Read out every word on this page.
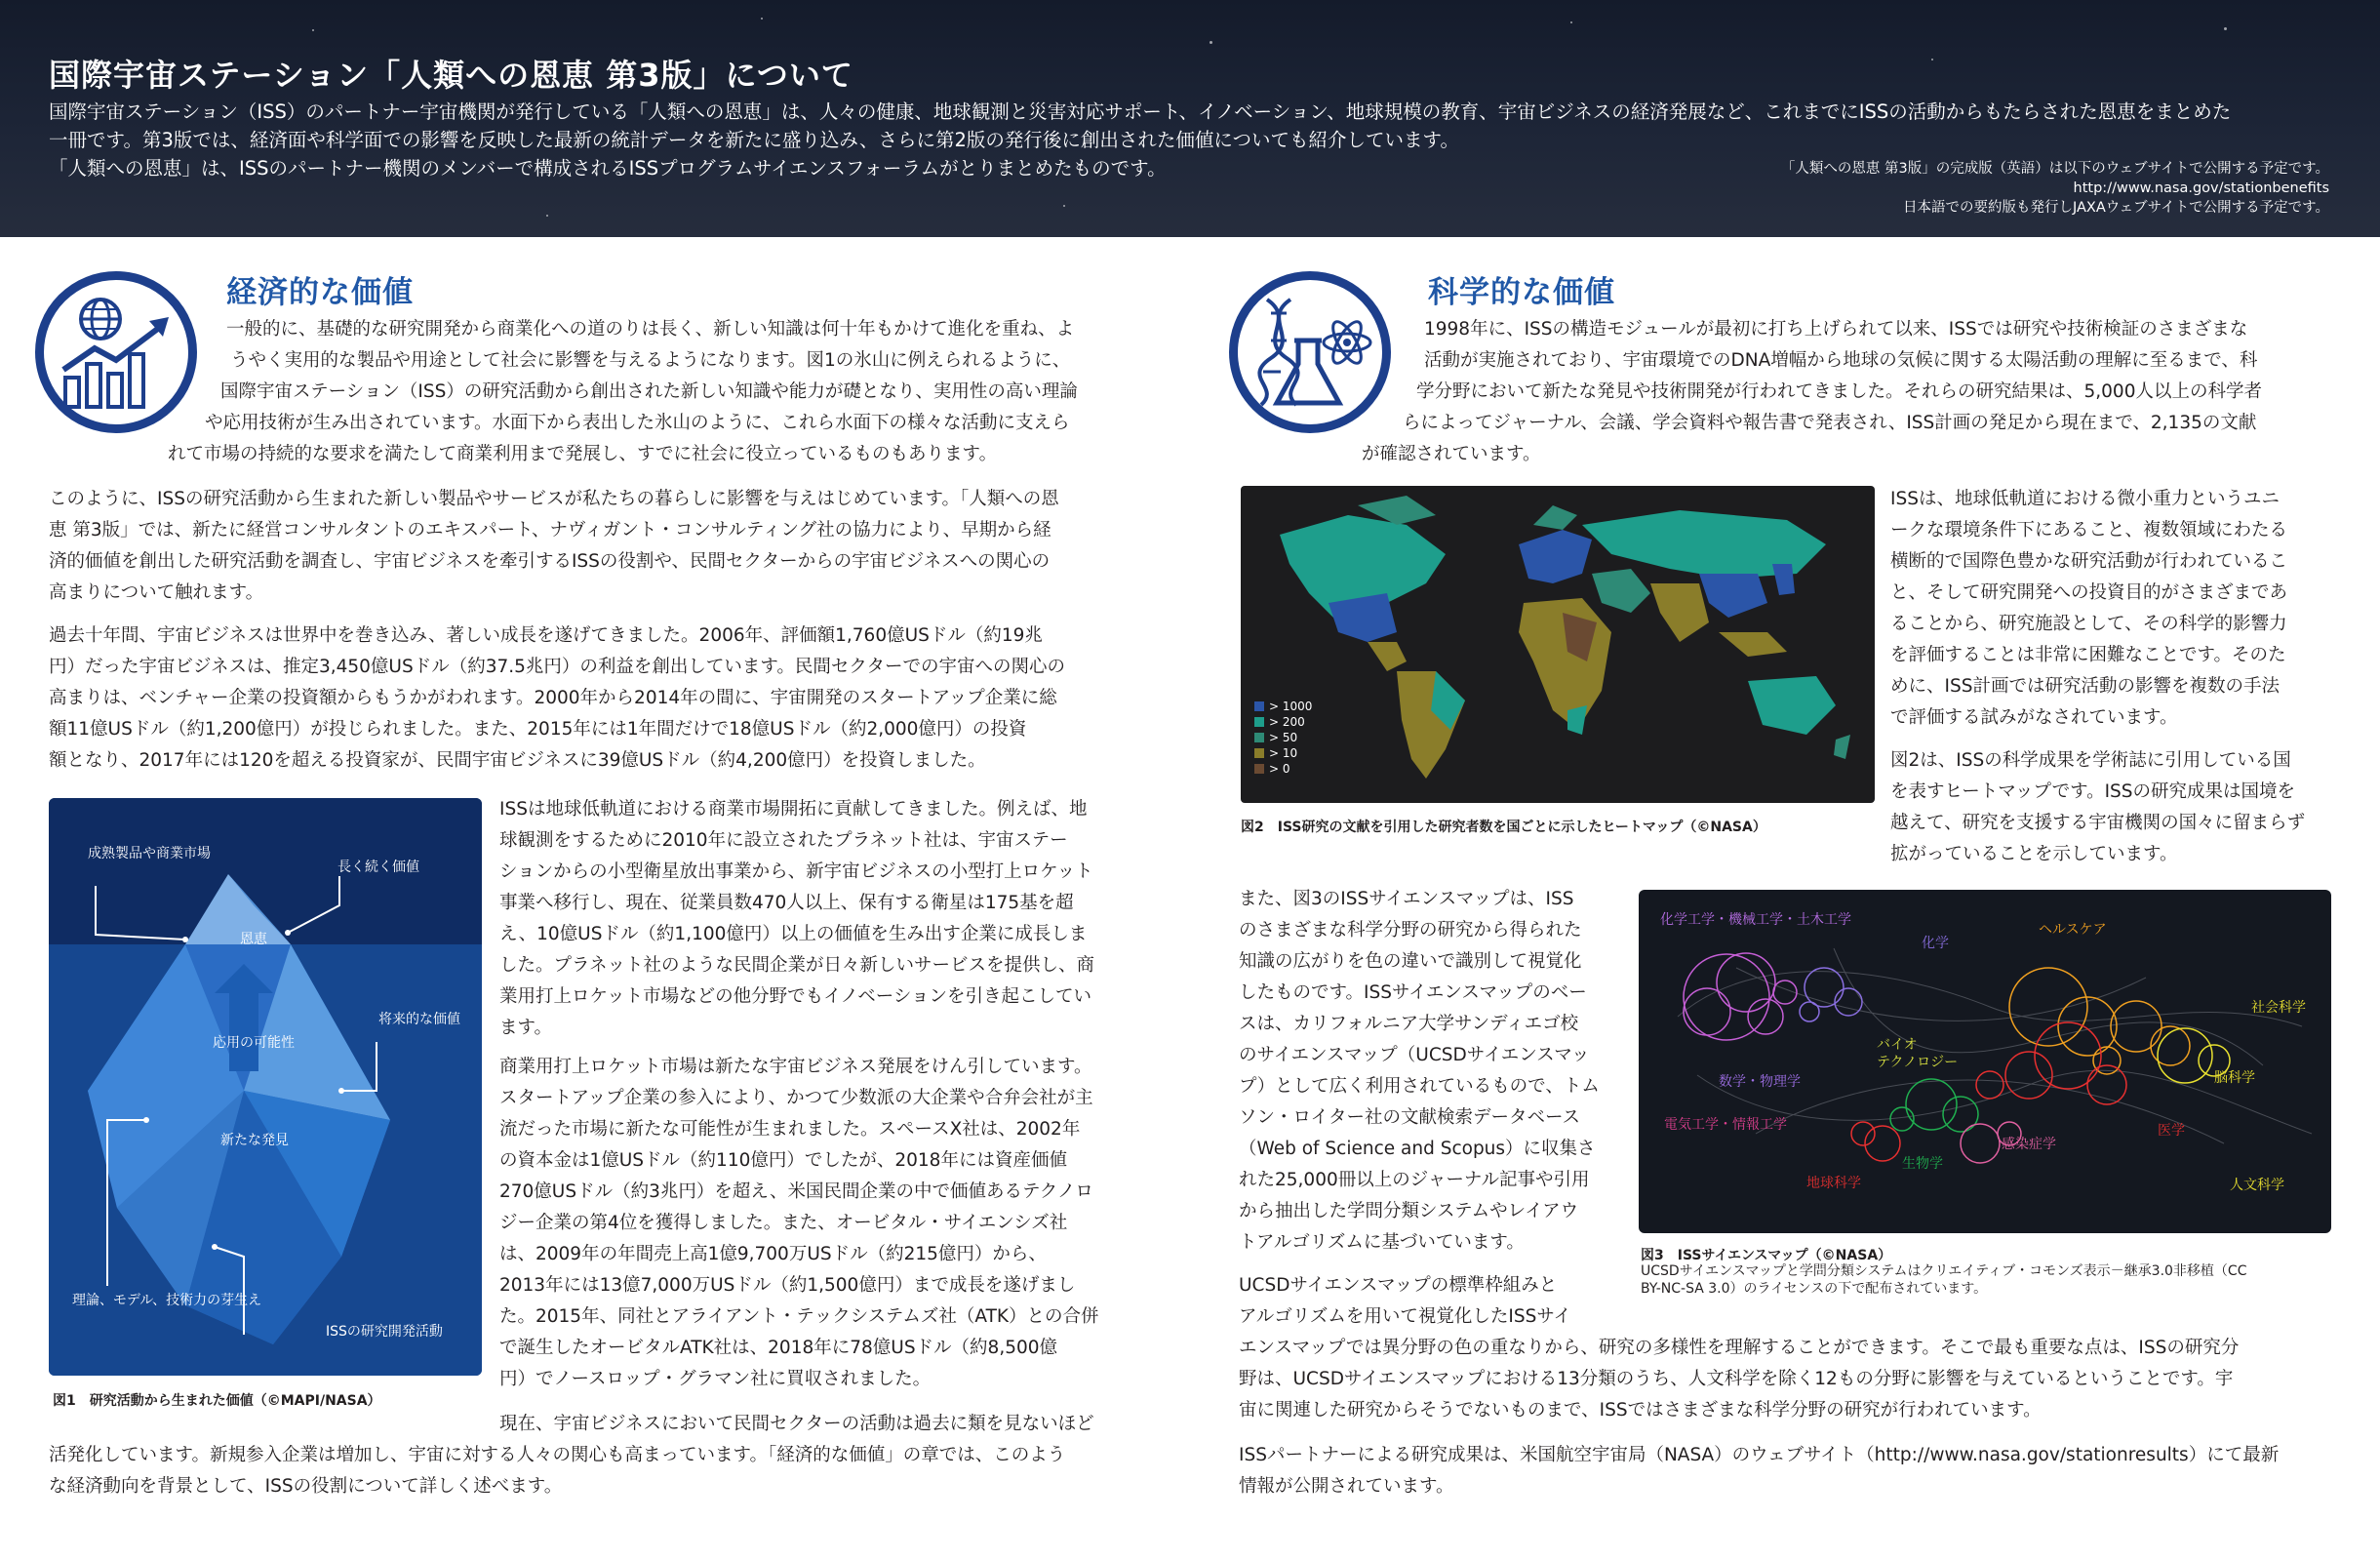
国際宇宙ステーション「人類への恩恵 第3版」について

国際宇宙ステーション（ISS）のパートナー宇宙機関が発行している「人類への恩恵」は、人々の健康、地球観測と災害対応サポート、イノベーション、地球規模の教育、宇宙ビジネスの経済発展など、これまでにISSの活動からもたらされた恩恵をまとめた

一冊です。第3版では、経済面や科学面での影響を反映した最新の統計データを新たに盛り込み、さらに第2版の発行後に創出された価値についても紹介しています。

「人類への恩恵」は、ISSのパートナー機関のメンバーで構成されるISSプログラムサイエンスフォーラムがとりまとめたものです。	「人類への恩恵 第3版」の完成版（英語）は以下のウェブサイトで公開する予定です。
http://www.nasa.gov/stationbenefits
日本語での要約版も発行しJAXAウェブサイトで公開する予定です。
経済的な価値

一般的に、基礎的な研究開発から商業化への道のりは長く、新しい知識は何十年もかけて進化を重ね、よ

うやく実用的な製品や用途として社会に影響を与えるようになります。図1の氷山に例えられるように、

国際宇宙ステーション（ISS）の研究活動から創出された新しい知識や能力が礎となり、実用性の高い理論

や応用技術が生み出されています。水面下から表出した氷山のように、これら水面下の様々な活動に支えら

れて市場の持続的な要求を満たして商業利用まで発展し、すでに社会に役立っているものもあります。

このように、ISSの研究活動から生まれた新しい製品やサービスが私たちの暮らしに影響を与えはじめています。「人類への恩

恵 第3版」では、新たに経営コンサルタントのエキスパート、ナヴィガント・コンサルティング社の協力により、早期から経

済的価値を創出した研究活動を調査し、宇宙ビジネスを牽引するISSの役割や、民間セクターからの宇宙ビジネスへの関心の

高まりについて触れます。

過去十年間、宇宙ビジネスは世界中を巻き込み、著しい成長を遂げてきました。2006年、評価額1,760億USドル（約19兆

円）だった宇宙ビジネスは、推定3,450億USドル（約37.5兆円）の利益を創出しています。民間セクターでの宇宙への関心の

高まりは、ベンチャー企業の投資額からもうかがわれます。2000年から2014年の間に、宇宙開発のスタートアップ企業に総

額11億USドル（約1,200億円）が投じられました。また、2015年には1年間だけで18億USドル（約2,000億円）の投資

額となり、2017年には120を超える投資家が、民間宇宙ビジネスに39億USドル（約4,200億円）を投資しました。

成熟製品や商業市場
長く続く価値
恩恵
将来的な価値
応用の可能性
新たな発見
理論、モデル、技術力の芽生え
ISSの研究開発活動
図1　研究活動から生まれた価値（©MAPI/NASA）

ISSは地球低軌道における商業市場開拓に貢献してきました。例えば、地

球観測をするために2010年に設立されたプラネット社は、宇宙ステー

ションからの小型衛星放出事業から、新宇宙ビジネスの小型打上ロケット

事業へ移行し、現在、従業員数470人以上、保有する衛星は175基を超

え、10億USドル（約1,100億円）以上の価値を生み出す企業に成長しま

した。プラネット社のような民間企業が日々新しいサービスを提供し、商

業用打上ロケット市場などの他分野でもイノベーションを引き起こしてい

ます。

商業用打上ロケット市場は新たな宇宙ビジネス発展をけん引しています。

スタートアップ企業の参入により、かつて少数派の大企業や合弁会社が主

流だった市場に新たな可能性が生まれました。スペースX社は、2002年

の資本金は1億USドル（約110億円）でしたが、2018年には資産価値

270億USドル（約3兆円）を超え、米国民間企業の中で価値あるテクノロ

ジー企業の第4位を獲得しました。また、オービタル・サイエンシズ社

は、2009年の年間売上高1億9,700万USドル（約215億円）から、

2013年には13億7,000万USドル（約1,500億円）まで成長を遂げまし

た。2015年、同社とアライアント・テックシステムズ社（ATK）との合併

で誕生したオービタルATK社は、2018年に78億USドル（約8,500億

円）でノースロップ・グラマン社に買収されました。

現在、宇宙ビジネスにおいて民間セクターの活動は過去に類を見ないほど

活発化しています。新規参入企業は増加し、宇宙に対する人々の関心も高まっています。「経済的な価値」の章では、このよう

な経済動向を背景として、ISSの役割について詳しく述べます。

科学的な価値

1998年に、ISSの構造モジュールが最初に打ち上げられて以来、ISSでは研究や技術検証のさまざまな

活動が実施されており、宇宙環境でのDNA増幅から地球の気候に関する太陽活動の理解に至るまで、科

学分野において新たな発見や技術開発が行われてきました。それらの研究結果は、5,000人以上の科学者

らによってジャーナル、会議、学会資料や報告書で発表され、ISS計画の発足から現在まで、2,135の文献

が確認されています。

> 1000
> 200
> 50
> 10
> 0
図2　ISS研究の文献を引用した研究者数を国ごとに示したヒートマップ（©NASA）

ISSは、地球低軌道における微小重力というユニ

ークな環境条件下にあること、複数領域にわたる

横断的で国際色豊かな研究活動が行われているこ

と、そして研究開発への投資目的がさまざまであ

ることから、研究施設として、その科学的影響力

を評価することは非常に困難なことです。そのた

めに、ISS計画では研究活動の影響を複数の手法

で評価する試みがなされています。

図2は、ISSの科学成果を学術誌に引用している国

を表すヒートマップです。ISSの研究成果は国境を

越えて、研究を支援する宇宙機関の国々に留まらず

拡がっていることを示しています。

また、図3のISSサイエンスマップは、ISS

のさまざまな科学分野の研究から得られた

知識の広がりを色の違いで識別して視覚化

したものです。ISSサイエンスマップのベー

スは、カリフォルニア大学サンディエゴ校

のサイエンスマップ（UCSDサイエンスマッ

プ）として広く利用されているもので、トム

ソン・ロイター社の文献検索データベース

（Web of Science and Scopus）に収集さ

れた25,000冊以上のジャーナル記事や引用

から抽出した学問分類システムやレイアウ

トアルゴリズムに基づいています。

化学工学・機械工学・土木工学
化学
ヘルスケア
社会科学
バイオ
テクノロジー
数学・物理学	脳科学
電気工学・情報工学	医学
感染症学
生物学
地球科学	人文科学
図3　ISSサイエンスマップ（©NASA）
UCSDサイエンスマップと学問分類システムはクリエイティブ・コモンズ表示－継承3.0非移植（CC
BY-NC-SA 3.0）のライセンスの下で配布されています。

UCSDサイエンスマップの標準枠組みと

アルゴリズムを用いて視覚化したISSサイ

エンスマップでは異分野の色の重なりから、研究の多様性を理解することができます。そこで最も重要な点は、ISSの研究分

野は、UCSDサイエンスマップにおける13分類のうち、人文科学を除く12もの分野に影響を与えているということです。宇

宙に関連した研究からそうでないものまで、ISSではさまざまな科学分野の研究が行われています。

ISSパートナーによる研究成果は、米国航空宇宙局（NASA）のウェブサイト（http://www.nasa.gov/stationresults）にて最新

情報が公開されています。
